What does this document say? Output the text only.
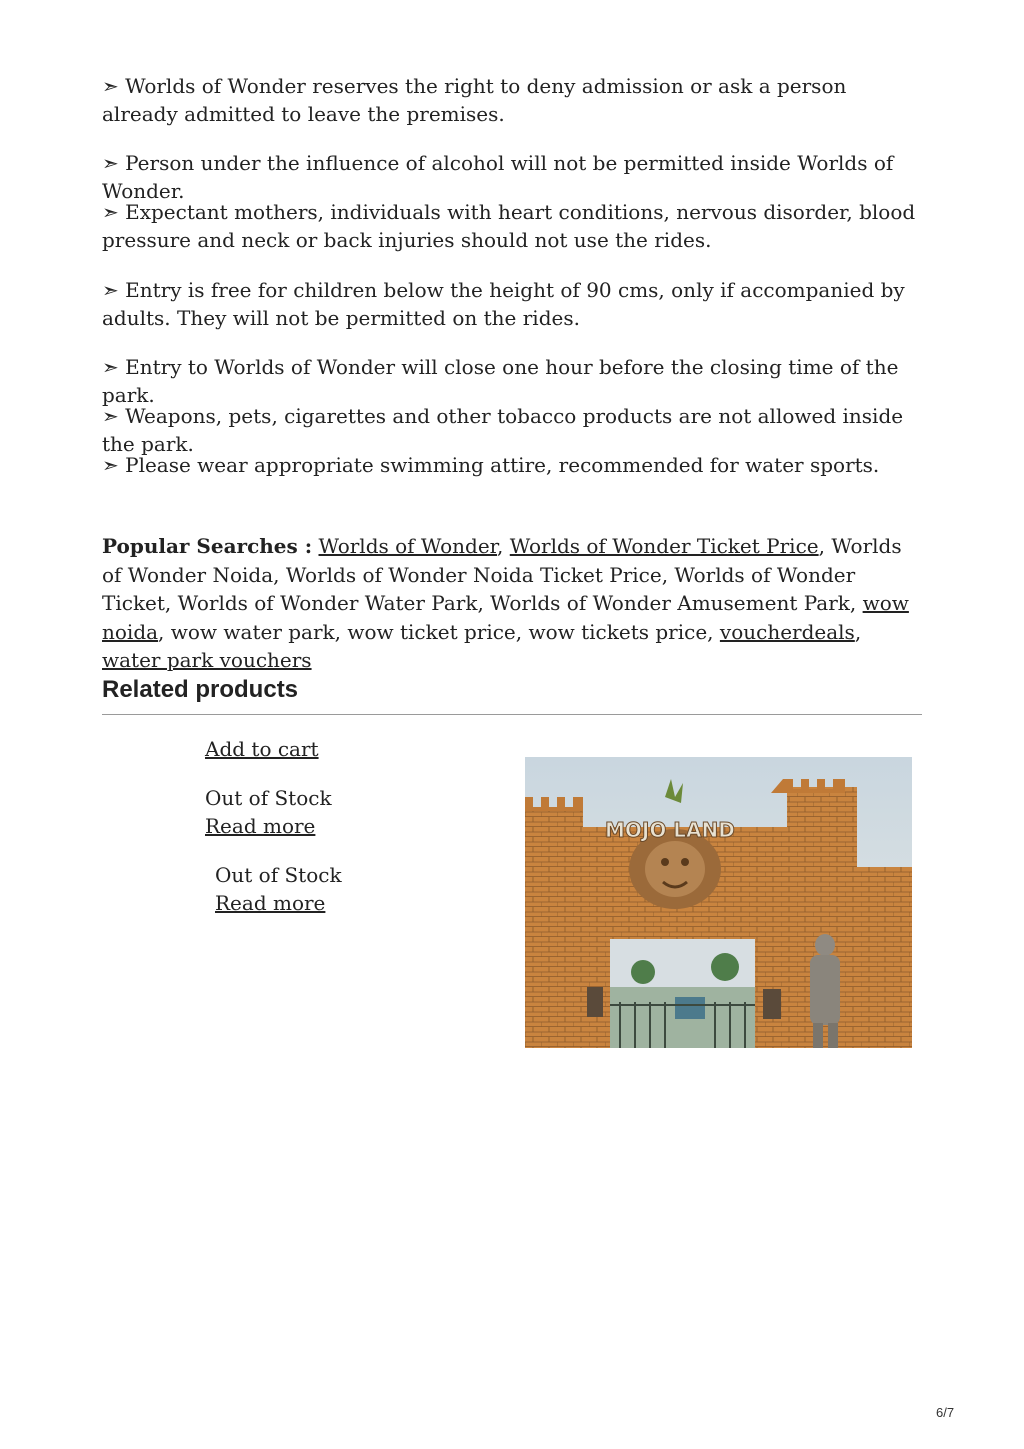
➣ Worlds of Wonder reserves the right to deny admission or ask a person already admitted to leave the premises.

➣ Person under the influence of alcohol will not be permitted inside Worlds of Wonder.

➣ Expectant mothers, individuals with heart conditions, nervous disorder, blood pressure and neck or back injuries should not use the rides.

➣ Entry is free for children below the height of 90 cms, only if accompanied by adults. They will not be permitted on the rides.

➣ Entry to Worlds of Wonder will close one hour before the closing time of the park.

➣ Weapons, pets, cigarettes and other tobacco products are not allowed inside the park.

➣ Please wear appropriate swimming attire, recommended for water sports.

Popular Searches : Worlds of Wonder, Worlds of Wonder Ticket Price, Worlds of Wonder Noida, Worlds of Wonder Noida Ticket Price, Worlds of Wonder Ticket, Worlds of Wonder Water Park, Worlds of Wonder Amusement Park, wow noida, wow water park, wow ticket price, wow tickets price, voucherdeals, water park vouchers

Related products
Add to cart
Out of Stock
Read more
Out of Stock
Read more
MOJO LAND
6/7
